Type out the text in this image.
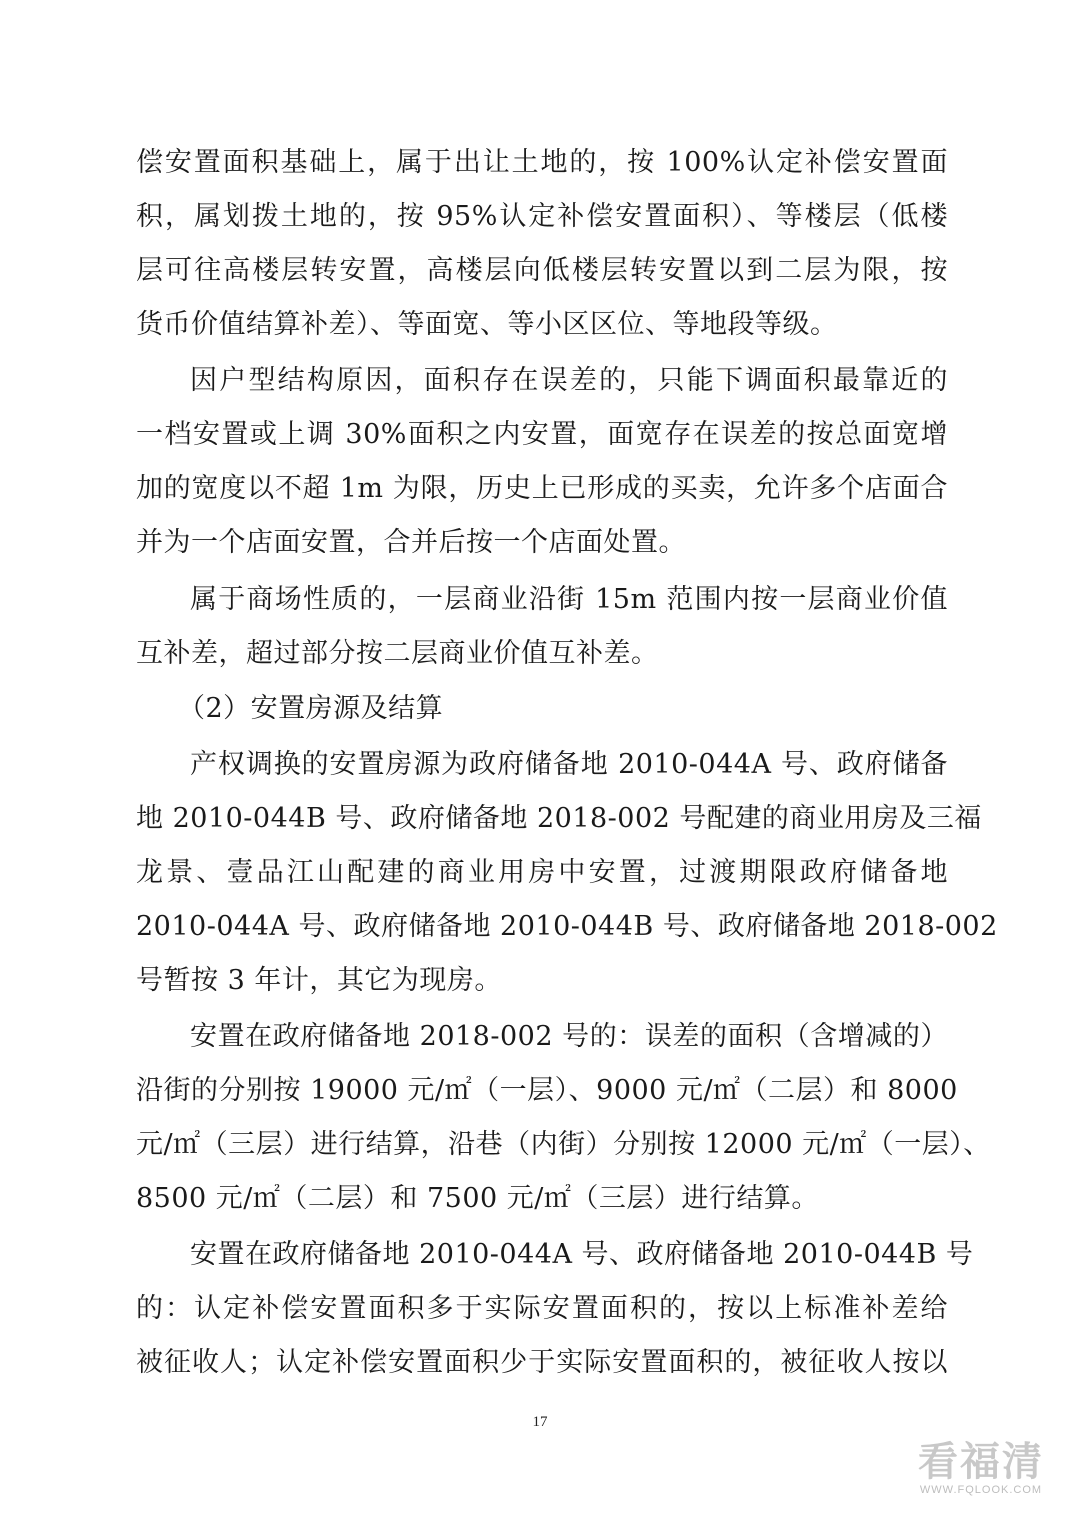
偿安置面积基础上，属于出让土地的，按 100%认定补偿安置面
积，属划拨土地的，按 95%认定补偿安置面积）、等楼层（低楼
层可往高楼层转安置，高楼层向低楼层转安置以到二层为限，按
货币价值结算补差）、等面宽、等小区区位、等地段等级。
因户型结构原因，面积存在误差的，只能下调面积最靠近的
一档安置或上调 30%面积之内安置，面宽存在误差的按总面宽增
加的宽度以不超 1m 为限，历史上已形成的买卖，允许多个店面合
并为一个店面安置，合并后按一个店面处置。
属于商场性质的，一层商业沿街 15m 范围内按一层商业价值
互补差，超过部分按二层商业价值互补差。
（2）安置房源及结算
产权调换的安置房源为政府储备地 2010-044A 号、政府储备
地 2010-044B 号、政府储备地 2018-002 号配建的商业用房及三福
龙景、壹品江山配建的商业用房中安置，过渡期限政府储备地
2010-044A 号、政府储备地 2010-044B 号、政府储备地 2018-002
号暂按 3 年计，其它为现房。
安置在政府储备地 2018-002 号的：误差的面积（含增减的）
沿街的分别按 19000 元/㎡（一层）、9000 元/㎡（二层）和 8000
元/㎡（三层）进行结算，沿巷（内街）分别按 12000 元/㎡（一层）、
8500 元/㎡（二层）和 7500 元/㎡（三层）进行结算。
安置在政府储备地 2010-044A 号、政府储备地 2010-044B 号
的：认定补偿安置面积多于实际安置面积的，按以上标准补差给
被征收人；认定补偿安置面积少于实际安置面积的，被征收人按以
17
看福清
WWW.FQLOOK.COM
